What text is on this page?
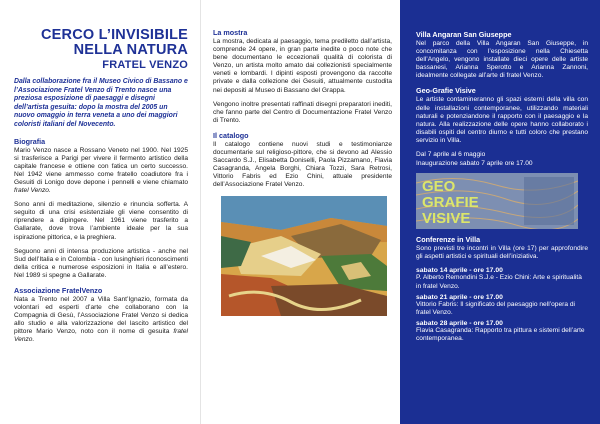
CERCO L’INVISIBILE
NELLA NATURA
FRATEL VENZO

Dalla collaborazione fra il Museo Civico di Bassano e l’Associazione Fratel Venzo di Trento nasce una preziosa esposizione di paesaggi e disegni dell’artista gesuita: dopo la mostra del 2005 un nuovo omaggio in terra veneta a uno dei maggiori coloristi italiani del Novecento.

Biografia

Mario Venzo nasce a Rossano Veneto nel 1900. Nel 1925 si trasferisce a Parigi per vivere il fermento artistico della capitale francese e ottiene con fatica un certo successo. Nel 1942 viene ammesso come fratello coadiutore fra i Gesuiti di Lonigo dove depone i pennelli e viene chiamato fratel Venzo.

Sono anni di meditazione, silenzio e rinuncia sofferta. A seguito di una crisi esistenziale gli viene consentito di riprendere a dipingere. Nel 1961 viene trasferito a Gallarate, dove trova l’ambiente ideale per la sua ispirazione pittorica, e la preghiera.

Seguono anni di intensa produzione artistica - anche nel Sud dell’Italia e in Colombia - con lusinghieri riconoscimenti della critica e numerose esposizioni in Italia e all’estero. Nel 1989 si spegne a Gallarate.

Associazione FratelVenzo

Nata a Trento nel 2007 a Villa Sant’Ignazio, formata da volontari ed esperti d’arte che collaborano con la Compagnia di Gesù, l’Associazione Fratel Venzo si dedica allo studio e alla valorizzazione del lascito artistico del pittore Mario Venzo, noto con il nome di gesuita fratel Venzo.

La mostra

La mostra, dedicata al paesaggio, tema prediletto dall’artista, comprende 24 opere, in gran parte inedite o poco note che bene documentano le eccezionali qualità di colorista di Venzo, un artista molto amato dai collezionisti specialmente veneti e lombardi. I dipinti esposti provengono da raccolte private e dalla collezione dei Gesuiti, attualmente custodita nei depositi al Museo di Bassano del Grappa.

Vengono inoltre presentati raffinati disegni preparatori inediti, che fanno parte del Centro di Documentazione Fratel Venzo di Trento.

Il catalogo

Il catalogo contiene nuovi studi e testimonianze documentarie sul religioso-pittore, che si devono ad Alessio Saccardo S.J., Elisabetta Doniselli, Paola Pizzamano, Flavia Casagranda, Angela Borghi, Chiara Tozzi, Sara Retrosi, Vittorio Fabris ed Ezio Chini, attuale presidente dell’Associazione Fratel Venzo.

Villa Angaran San Giuseppe

Nel parco della Villa Angaran San Giuseppe, in concomitanza con l’esposizione nella Chiesetta dell’Angelo, vengono installate dieci opere delle artiste bassanesi, Arianna Sperotto e Arianna Zannoni, idealmente collegate all’arte di fratel Venzo.

Geo-Grafie Visive

Le artiste contamineranno gli spazi esterni della villa con delle installazioni contemporanee, utilizzando materiali naturali e potenziandone il rapporto con il paesaggio e la natura. Alla realizzazione delle opere hanno collaborato i disabili ospiti del centro diurno e tutti coloro che prestano servizio in Villa.

Dal 7 aprile al 6 maggio

Inaugurazione sabato 7 aprile ore 17.00

GEO
GRAFIE
VISIVE
Conferenze in Villa

Sono previsti tre incontri in Villa (ore 17) per approfondire gli aspetti artistici e spirituali dell’iniziativa.

sabato 14 aprile - ore 17.00

P. Alberto Remondini S.J.e - Ezio Chini: Arte e spiritualità in fratel Venzo.

sabato 21 aprile - ore 17.00

Vittorio Fabris: Il significato del paesaggio nell’opera di fratel Venzo.

sabato 28 aprile - ore 17.00

Flavia Casagranda: Rapporto tra pittura e sistemi dell’arte contemporanea.
